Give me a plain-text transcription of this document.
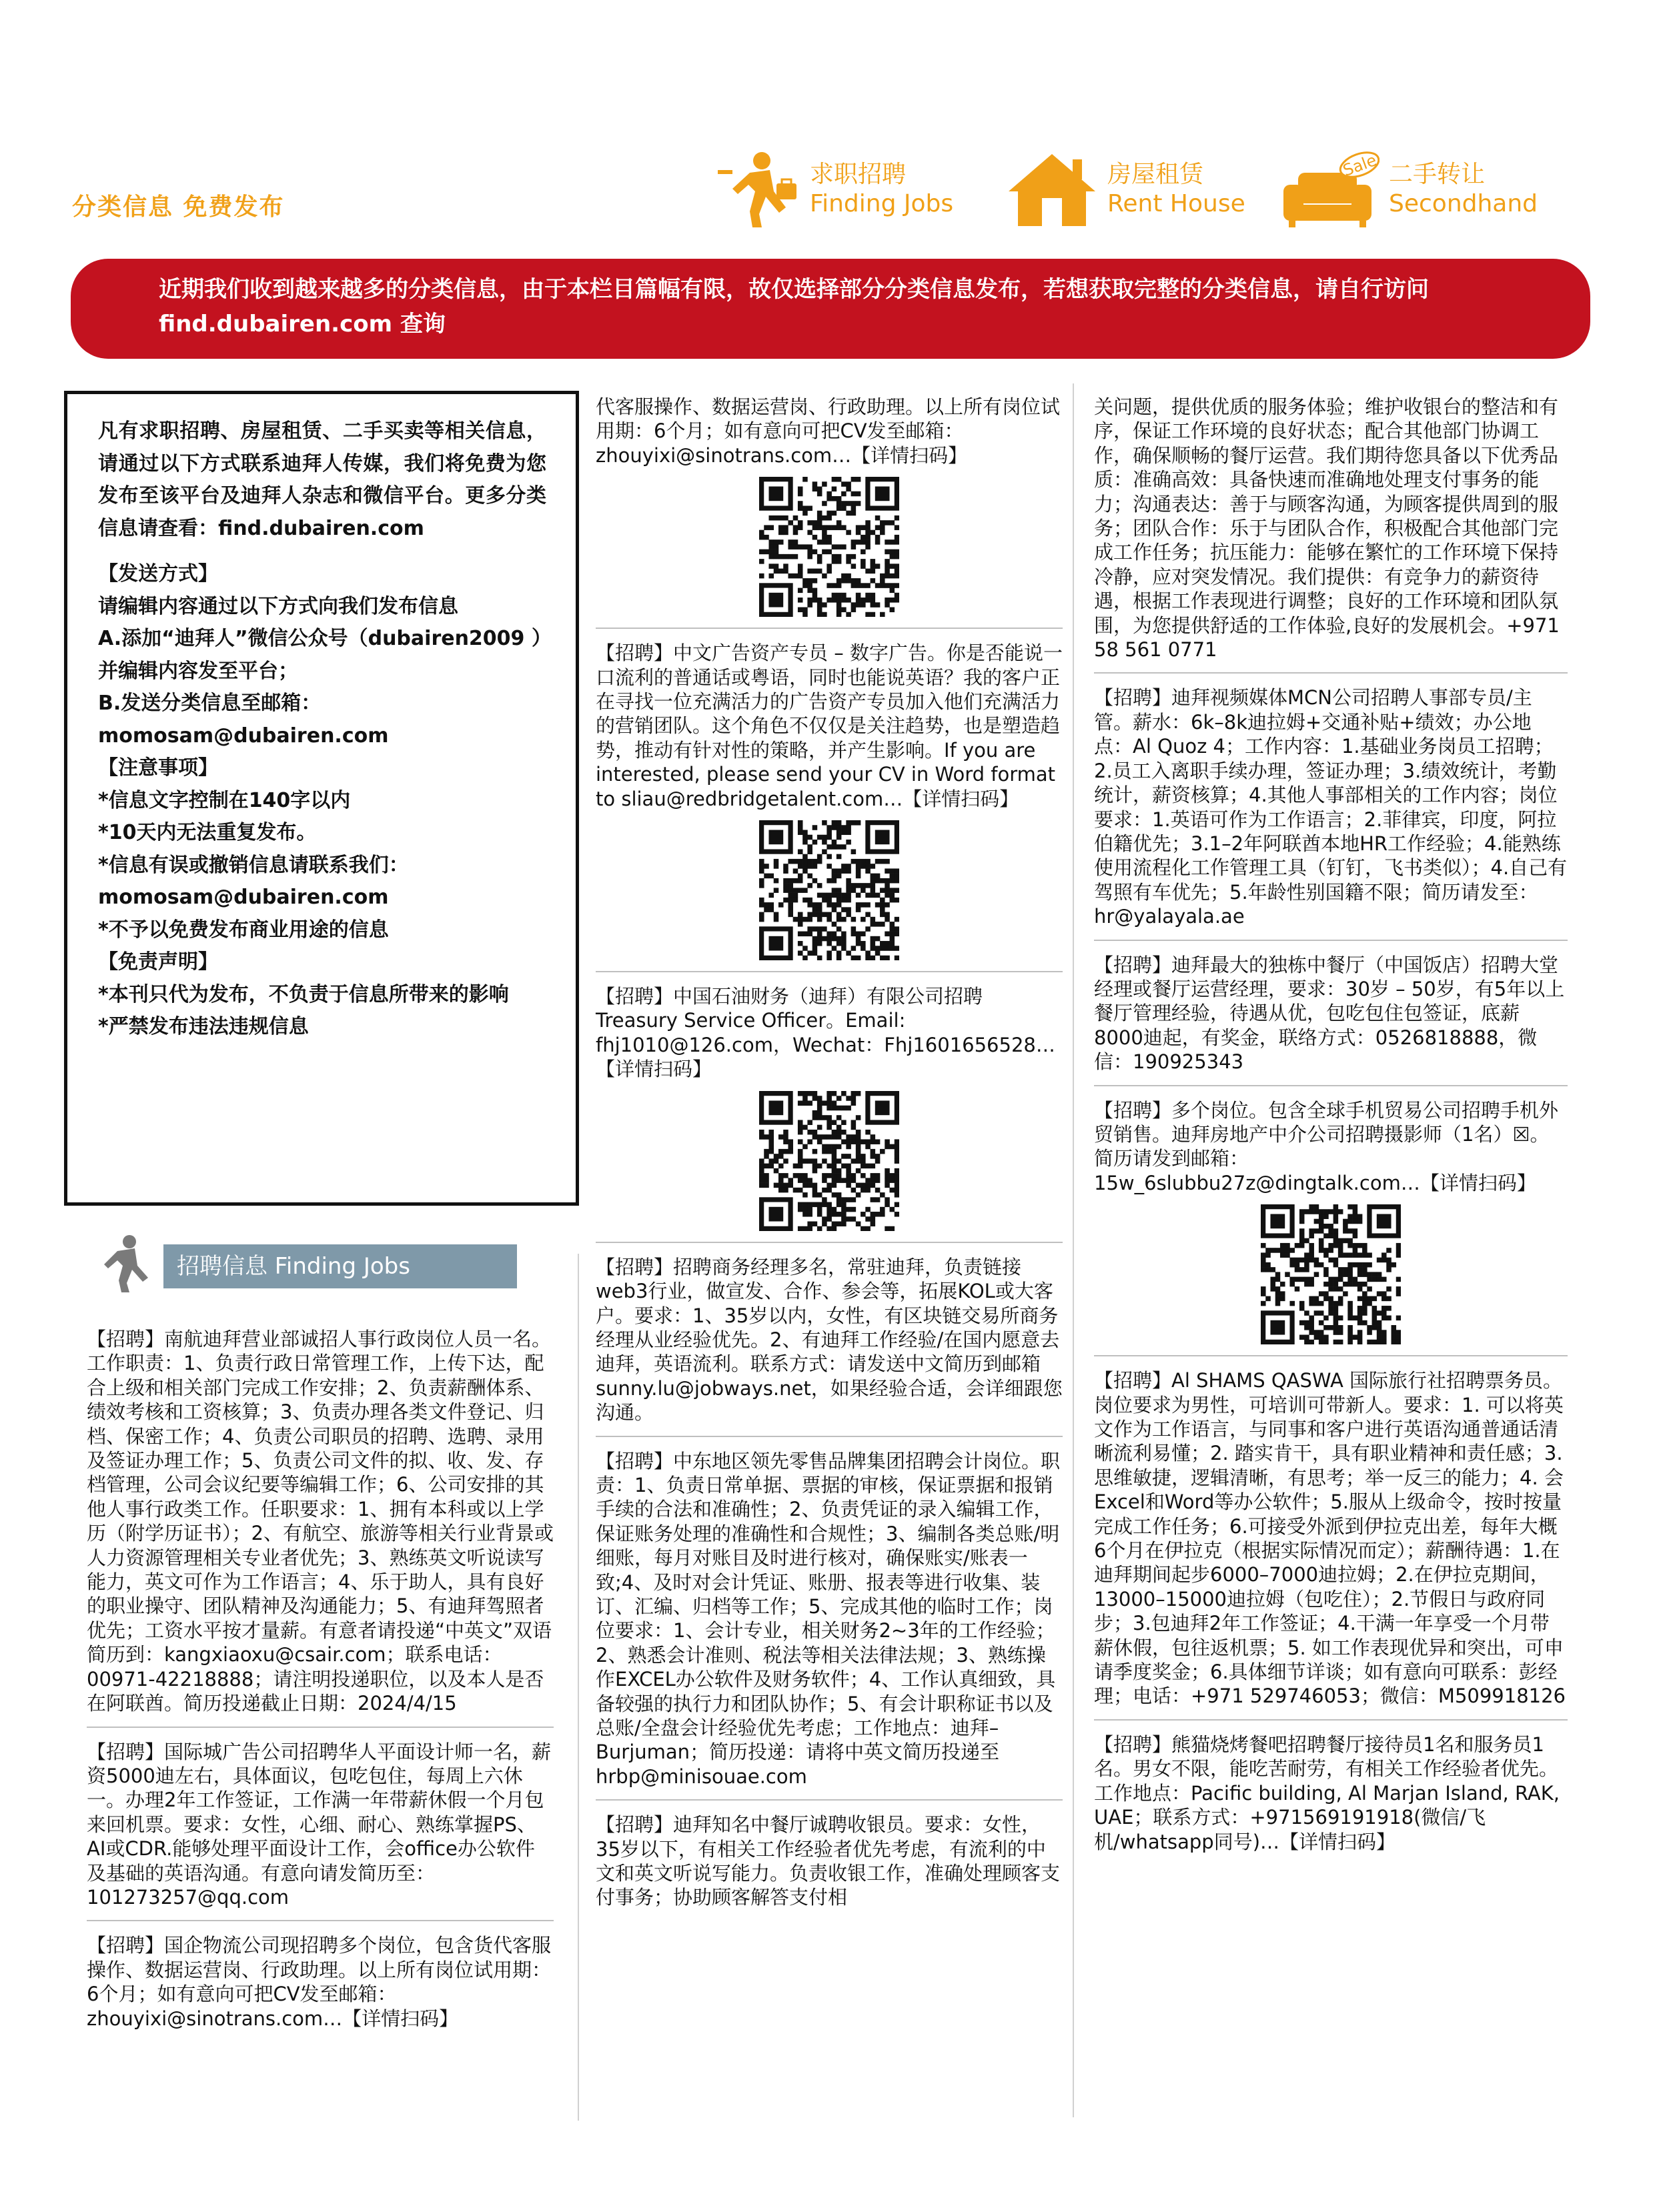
分类信息 免费发布
求职招聘
Finding Jobs
房屋租赁
Rent House
Sale 二手转让
Secondhand
近期我们收到越来越多的分类信息，由于本栏目篇幅有限，故仅选择部分分类信息发布，若想获取完整的分类信息，请自行访问 find.dubairen.com 查询
凡有求职招聘、房屋租赁、二手买卖等相关信息，请通过以下方式联系迪拜人传媒，我们将免费为您发布至该平台及迪拜人杂志和微信平台。更多分类信息请查看：find.dubairen.com
【发送方式】
请编辑内容通过以下方式向我们发布信息
A.添加“迪拜人”微信公众号（dubairen2009 ）并编辑内容发至平台；
B.发送分类信息至邮箱：momosam@dubairen.com
【注意事项】
*信息文字控制在140字以内
*10天内无法重复发布。
*信息有误或撤销信息请联系我们：momosam@dubairen.com
*不予以免费发布商业用途的信息
【免责声明】
*本刊只代为发布，不负责于信息所带来的影响
*严禁发布违法违规信息
招聘信息 Finding Jobs
【招聘】南航迪拜营业部诚招人事行政岗位人员一名。工作职责：1、负责行政日常管理工作，上传下达，配合上级和相关部门完成工作安排；2、负责薪酬体系、绩效考核和工资核算；3、负责办理各类文件登记、归档、保密工作；4、负责公司职员的招聘、选聘、录用及签证办理工作；5、负责公司文件的拟、收、发、存档管理，公司会议纪要等编辑工作；6、公司安排的其他人事行政类工作。任职要求：1、拥有本科或以上学历（附学历证书）；2、有航空、旅游等相关行业背景或人力资源管理相关专业者优先；3、熟练英文听说读写能力，英文可作为工作语言；4、乐于助人，具有良好的职业操守、团队精神及沟通能力；5、有迪拜驾照者优先；工资水平按才量薪。有意者请投递“中英文”双语简历到：kangxiaoxu@csair.com；联系电话：00971-42218888；请注明投递职位，以及本人是否在阿联酋。简历投递截止日期：2024/4/15
【招聘】国际城广告公司招聘华人平面设计师一名，薪资5000迪左右，具体面议，包吃包住，每周上六休一。办理2年工作签证，工作满一年带薪休假一个月包来回机票。要求：女性，心细、耐心、熟练掌握PS、AI或CDR.能够处理平面设计工作，会office办公软件及基础的英语沟通。有意向请发简历至：101273257@qq.com
【招聘】国企物流公司现招聘多个岗位，包含货代客服操作、数据运营岗、行政助理。以上所有岗位试用期：6个月；如有意向可把CV发至邮箱：zhouyixi@sinotrans.com…【详情扫码】
代客服操作、数据运营岗、行政助理。以上所有岗位试用期：6个月；如有意向可把CV发至邮箱：zhouyixi@sinotrans.com…【详情扫码】
【招聘】中文广告资产专员 – 数字广告。你是否能说一口流利的普通话或粤语，同时也能说英语？我的客户正在寻找一位充满活力的广告资产专员加入他们充满活力的营销团队。这个角色不仅仅是关注趋势，也是塑造趋势，推动有针对性的策略，并产生影响。If you are interested, please send your CV in Word format to sliau@redbridgetalent.com…【详情扫码】
【招聘】中国石油财务（迪拜）有限公司招聘Treasury Service Officer。Email: fhj1010@126.com，Wechat：Fhj1601656528…【详情扫码】
【招聘】招聘商务经理多名，常驻迪拜，负责链接web3行业，做宣发、合作、参会等，拓展KOL或大客户。要求：1、35岁以内，女性，有区块链交易所商务经理从业经验优先。2、有迪拜工作经验/在国内愿意去迪拜，英语流利。联系方式：请发送中文简历到邮箱sunny.lu@jobways.net，如果经验合适，会详细跟您沟通。
【招聘】中东地区领先零售品牌集团招聘会计岗位。职责：1、负责日常单据、票据的审核，保证票据和报销手续的合法和准确性；2、负责凭证的录入编辑工作，保证账务处理的准确性和合规性；3、编制各类总账/明细账，每月对账目及时进行核对，确保账实/账表一致;4、及时对会计凭证、账册、报表等进行收集、装订、汇编、归档等工作；5、完成其他的临时工作；岗位要求：1、会计专业，相关财务2~3年的工作经验；2、熟悉会计准则、税法等相关法律法规；3、熟练操作EXCEL办公软件及财务软件；4、工作认真细致，具备较强的执行力和团队协作；5、有会计职称证书以及总账/全盘会计经验优先考虑；工作地点：迪拜–Burjuman；简历投递：请将中英文简历投递至hrbp@minisouae.com
【招聘】迪拜知名中餐厅诚聘收银员。要求：女性，35岁以下，有相关工作经验者优先考虑，有流利的中文和英文听说写能力。负责收银工作，准确处理顾客支付事务；协助顾客解答支付相
关问题，提供优质的服务体验；维护收银台的整洁和有序，保证工作环境的良好状态；配合其他部门协调工作，确保顺畅的餐厅运营。我们期待您具备以下优秀品质：准确高效：具备快速而准确地处理支付事务的能力；沟通表达：善于与顾客沟通，为顾客提供周到的服务；团队合作：乐于与团队合作，积极配合其他部门完成工作任务；抗压能力：能够在繁忙的工作环境下保持冷静，应对突发情况。我们提供：有竞争力的薪资待遇，根据工作表现进行调整；良好的工作环境和团队氛围，为您提供舒适的工作体验,良好的发展机会。+971 58 561 0771
【招聘】迪拜视频媒体MCN公司招聘人事部专员/主管。薪水：6k–8k迪拉姆+交通补贴+绩效；办公地点：Al Quoz 4；工作内容：1.基础业务岗员工招聘；2.员工入离职手续办理，签证办理；3.绩效统计，考勤统计，薪资核算；4.其他人事部相关的工作内容；岗位要求：1.英语可作为工作语言；2.菲律宾，印度，阿拉伯籍优先；3.1–2年阿联酋本地HR工作经验；4.能熟练使用流程化工作管理工具（钉钉，飞书类似）；4.自己有驾照有车优先；5.年龄性别国籍不限；简历请发至：hr@yalayala.ae
【招聘】迪拜最大的独栋中餐厅（中国饭店）招聘大堂经理或餐厅运营经理，要求：30岁 – 50岁，有5年以上餐厅管理经验，待遇从优，包吃包住包签证，底薪8000迪起，有奖金，联络方式：0526818888，微信：190925343
【招聘】多个岗位。包含全球手机贸易公司招聘手机外贸销售。迪拜房地产中介公司招聘摄影师（1名）☒。简历请发到邮箱：15w_6slubbu27z@dingtalk.com…【详情扫码】
【招聘】Al SHAMS QASWA 国际旅行社招聘票务员。岗位要求为男性，可培训可带新人。要求：1. 可以将英文作为工作语言，与同事和客户进行英语沟通普通话清晰流利易懂；2. 踏实肯干，具有职业精神和责任感；3. 思维敏捷，逻辑清晰，有思考；举一反三的能力；4. 会Excel和Word等办公软件；5.服从上级命令，按时按量完成工作任务；6.可接受外派到伊拉克出差，每年大概6个月在伊拉克（根据实际情况而定）；薪酬待遇：1.在迪拜期间起步6000–7000迪拉姆；2.在伊拉克期间，13000–15000迪拉姆（包吃住）；2.节假日与政府同步；3.包迪拜2年工作签证；4.干满一年享受一个月带薪休假，包往返机票；5. 如工作表现优异和突出，可申请季度奖金；6.具体细节详谈；如有意向可联系：彭经理；电话：+971 529746053；微信：M509918126
【招聘】熊猫烧烤餐吧招聘餐厅接待员1名和服务员1名。男女不限，能吃苦耐劳，有相关工作经验者优先。工作地点：Pacific building, Al Marjan Island, RAK, UAE；联系方式：+971569191918(微信/飞机/whatsapp同号)…【详情扫码】
